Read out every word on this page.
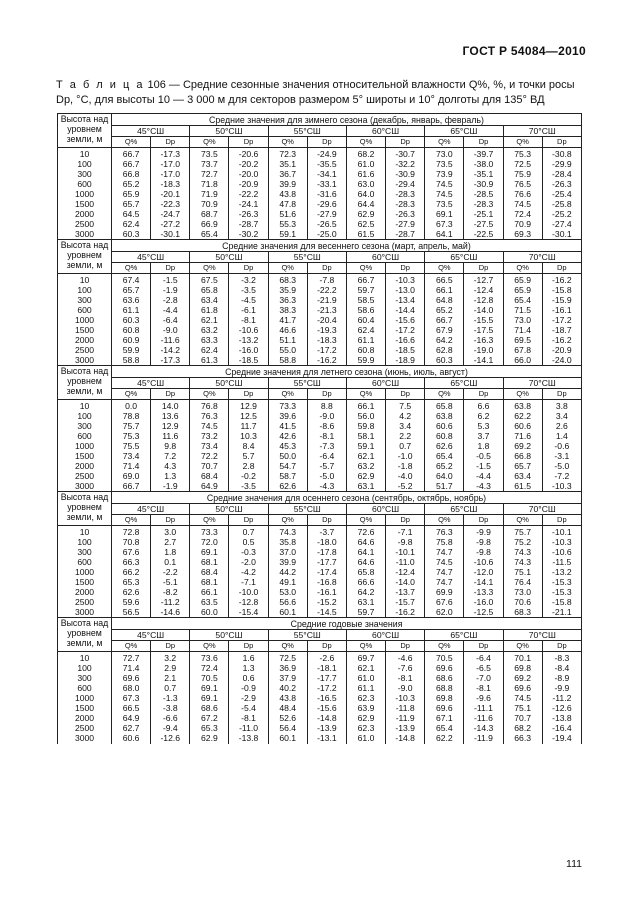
ГОСТ Р 54084—2010
Т а б л и ц а 106 — Средние сезонные значения относительной влажности Q%, %, и точки росы Dр, °С, для высоты 10 — 3 000 м для секторов размером 5° широты и 10° долготы для 135° ВД
Высота над уровнем земли, м	Средние значения для зимнего сезона (декабрь, январь, февраль)											
	45°СШ		50°СШ		55°СШ		60°СШ		65°СШ		70°СШ	
	Q%	Dр	Q%	Dр	Q%	Dр	Q%	Dр	Q%	Dр	Q%	Dр
10	66.7	-17.3	73.5	-20.6	72.3	-24.9	68.2	-30.7	73.0	-39.7	75.3	-30.8
100	66.7	-17.0	73.7	-20.2	35.1	-35.5	61.0	-32.2	73.5	-38.0	72.5	-29.9
300	66.8	-17.0	72.7	-20.0	36.7	-34.1	61.6	-30.9	73.9	-35.1	75.9	-28.4
600	65.2	-18.3	71.8	-20.9	39.9	-33.1	63.0	-29.4	74.5	-30.9	76.5	-26.3
1000	65.9	-20.1	71.9	-22.2	43.8	-31.6	64.0	-28.3	74.5	-28.5	76.6	-25.4
1500	65.7	-22.3	70.9	-24.1	47.8	-29.6	64.4	-28.3	73.5	-28.3	74.5	-25.8
2000	64.5	-24.7	68.7	-26.3	51.6	-27.9	62.9	-26.3	69.1	-25.1	72.4	-25.2
2500	62.4	-27.2	66.9	-28.7	55.3	-26.5	62.5	-27.9	67.3	-27.5	70.9	-27.4
3000	60.3	-30.1	65.4	-30.2	59.1	-25.0	61.5	-28.7	64.1	-22.5	69.3	-30.1
Высота над уровнем земли, м	Средние значения для весеннего сезона (март, апрель, май)											
	45°СШ		50°СШ		55°СШ		60°СШ		65°СШ		70°СШ	
	Q%	Dр	Q%	Dр	Q%	Dр	Q%	Dр	Q%	Dр	Q%	Dр
10	67.4	-1.5	67.5	-3.2	68.3	-7.8	66.7	-10.3	66.5	-12.7	65.9	-16.2
100	65.7	-1.9	65.8	-3.5	35.9	-22.2	59.7	-13.0	66.1	-12.4	65.9	-15.8
300	63.6	-2.8	63.4	-4.5	36.3	-21.9	58.5	-13.4	64.8	-12.8	65.4	-15.9
600	61.1	-4.4	61.8	-6.1	38.3	-21.3	58.6	-14.4	65.2	-14.0	71.5	-16.1
1000	60.3	-6.4	62.1	-8.1	41.7	-20.4	60.4	-15.6	66.7	-15.5	73.0	-17.2
1500	60.8	-9.0	63.2	-10.6	46.6	-19.3	62.4	-17.2	67.9	-17.5	71.4	-18.7
2000	60.9	-11.6	63.3	-13.2	51.1	-18.3	61.1	-16.6	64.2	-16.3	69.5	-16.2
2500	59.9	-14.2	62.4	-16.0	55.0	-17.2	60.8	-18.5	62.8	-19.0	67.8	-20.9
3000	58.8	-17.3	61.3	-18.5	58.8	-16.2	59.9	-18.9	60.3	-14.1	66.0	-24.0
Высота над уровнем земли, м	Средние значения для летнего сезона (июнь, июль, август)											
	45°СШ		50°СШ		55°СШ		60°СШ		65°СШ		70°СШ	
	Q%	Dр	Q%	Dр	Q%	Dр	Q%	Dр	Q%	Dр	Q%	Dр
10	0.0	14.0	76.8	12.9	73.3	8.8	66.1	7.5	65.8	6.6	63.8	3.8
100	78.8	13.6	76.3	12.5	39.6	-9.0	56.0	4.2	63.8	6.2	62.2	3.4
300	75.7	12.9	74.5	11.7	41.5	-8.6	59.8	3.4	60.6	5.3	60.6	2.6
600	75.3	11.6	73.2	10.3	42.6	-8.1	58.1	2.2	60.8	3.7	71.6	1.4
1000	75.5	9.8	73.4	8.4	45.3	-7.3	59.1	0.7	62.6	1.8	69.2	-0.6
1500	73.4	7.2	72.2	5.7	50.0	-6.4	62.1	-1.0	65.4	-0.5	66.8	-3.1
2000	71.4	4.3	70.7	2.8	54.7	-5.7	63.2	-1.8	65.2	-1.5	65.7	-5.0
2500	69.0	1.3	68.4	-0.2	58.7	-5.0	62.9	-4.0	64.0	-4.4	63.4	-7.2
3000	66.7	-1.9	64.9	-3.5	62.6	-4.3	63.1	-5.2	51.7	-4.3	61.5	-10.3
Высота над уровнем земли, м	Средние значения для осеннего сезона (сентябрь, октябрь, ноябрь)											
	45°СШ		50°СШ		55°СШ		60°СШ		65°СШ		70°СШ	
	Q%	Dр	Q%	Dр	Q%	Dр	Q%	Dр	Q%	Dр	Q%	Dр
10	72.8	3.0	73.3	0.7	74.3	-3.7	72.6	-7.1	76.3	-9.9	75.7	-10.1
100	70.8	2.7	72.0	0.5	35.8	-18.0	64.6	-9.8	75.8	-9.8	75.2	-10.3
300	67.6	1.8	69.1	-0.3	37.0	-17.8	64.1	-10.1	74.7	-9.8	74.3	-10.6
600	66.3	0.1	68.1	-2.0	39.9	-17.7	64.6	-11.0	74.5	-10.6	74.3	-11.5
1000	66.2	-2.2	68.4	-4.2	44.2	-17.4	65.8	-12.4	74.7	-12.0	75.1	-13.2
1500	65.3	-5.1	68.1	-7.1	49.1	-16.8	66.6	-14.0	74.7	-14.1	76.4	-15.3
2000	62.6	-8.2	66.1	-10.0	53.0	-16.1	64.2	-13.7	69.9	-13.3	73.0	-15.3
2500	59.6	-11.2	63.5	-12.8	56.6	-15.2	63.1	-15.7	67.6	-16.0	70.6	-15.8
3000	56.5	-14.6	60.0	-15.4	60.1	-14.5	59.7	-16.2	62.0	-12.5	68.3	-21.1
Высота над уровнем земли, м	Средние годовые значения											
	45°СШ		50°СШ		55°СШ		60°СШ		65°СШ		70°СШ	
	Q%	Dр	Q%	Dр	Q%	Dр	Q%	Dр	Q%	Dр	Q%	Dр
10	72.7	3.2	73.6	1.6	72.5	-2.6	69.7	-4.6	70.5	-6.4	70.1	-8.3
100	71.4	2.9	72.4	1.3	36.9	-18.1	62.1	-7.6	69.6	-6.5	69.8	-8.4
300	69.6	2.1	70.5	0.6	37.9	-17.7	61.0	-8.1	68.6	-7.0	69.2	-8.9
600	68.0	0.7	69.1	-0.9	40.2	-17.2	61.1	-9.0	68.8	-8.1	69.6	-9.9
1000	67.3	-1.3	69.1	-2.9	43.8	-16.5	62.3	-10.3	69.8	-9.6	74.5	-11.2
1500	66.5	-3.8	68.6	-5.4	48.4	-15.6	63.9	-11.8	69.6	-11.1	75.1	-12.6
2000	64.9	-6.6	67.2	-8.1	52.6	-14.8	62.9	-11.9	67.1	-11.6	70.7	-13.8
2500	62.7	-9.4	65.3	-11.0	56.4	-13.9	62.3	-13.9	65.4	-14.3	68.2	-16.4
3000	60.6	-12.6	62.9	-13.8	60.1	-13.1	61.0	-14.8	62.2	-11.9	66.3	-19.4
111
